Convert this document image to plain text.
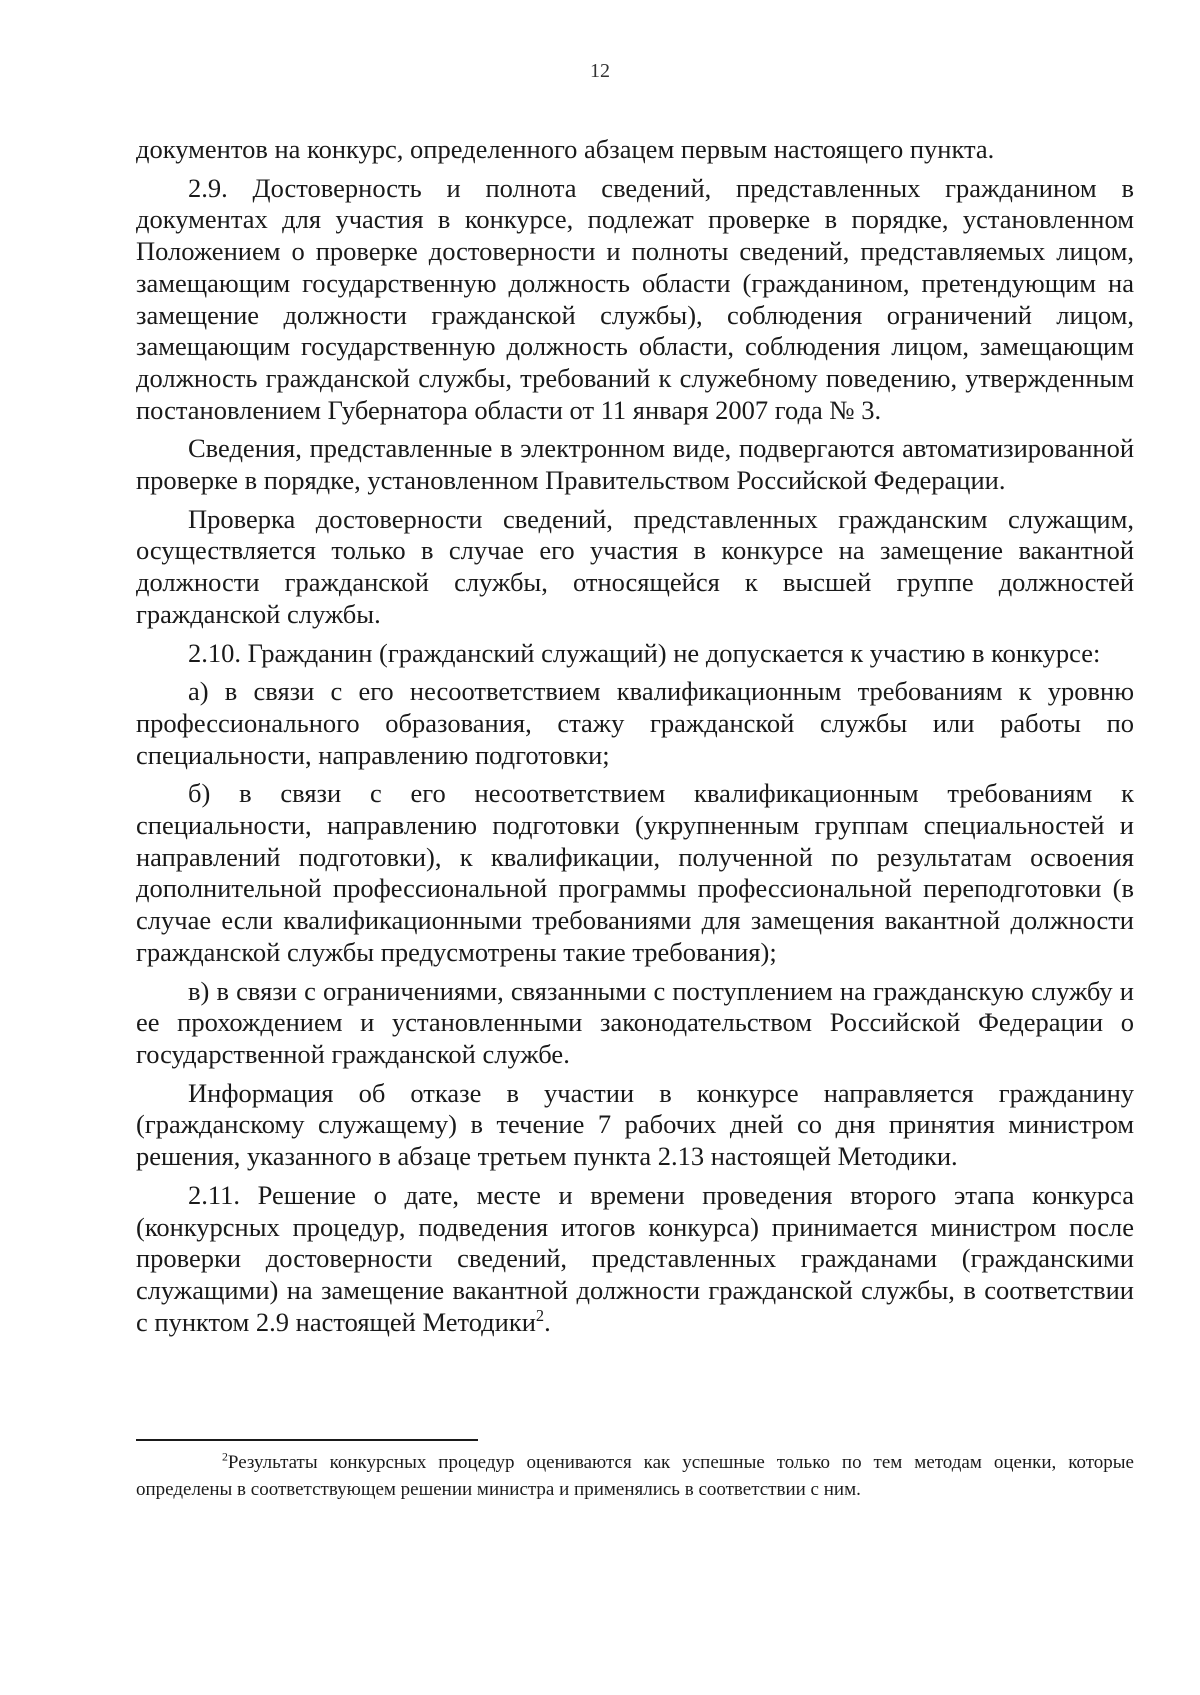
12

документов на конкурс, определенного абзацем первым настоящего пункта.

2.9. Достоверность и полнота сведений, представленных гражданином в документах для участия в конкурсе, подлежат проверке в порядке, установленном Положением о проверке достоверности и полноты сведений, представляемых лицом, замещающим государственную должность области (гражданином, претендующим на замещение должности гражданской службы), соблюдения ограничений лицом, замещающим государственную должность области, соблюдения лицом, замещающим должность гражданской службы, требований к служебному поведению, утвержденным постановлением Губернатора области от 11 января 2007 года № 3.

Сведения, представленные в электронном виде, подвергаются автоматизированной проверке в порядке, установленном Правительством Российской Федерации.

Проверка достоверности сведений, представленных гражданским служащим, осуществляется только в случае его участия в конкурсе на замещение вакантной должности гражданской службы, относящейся к высшей группе должностей гражданской службы.

2.10. Гражданин (гражданский служащий) не допускается к участию в конкурсе:

а) в связи с его несоответствием квалификационным требованиям к уровню профессионального образования, стажу гражданской службы или работы по специальности, направлению подготовки;

б) в связи с его несоответствием квалификационным требованиям к специальности, направлению подготовки (укрупненным группам специальностей и направлений подготовки), к квалификации, полученной по результатам освоения дополнительной профессиональной программы профессиональной переподготовки (в случае если квалификационными требованиями для замещения вакантной должности гражданской службы предусмотрены такие требования);

в) в связи с ограничениями, связанными с поступлением на гражданскую службу и ее прохождением и установленными законодательством Российской Федерации о государственной гражданской службе.

Информация об отказе в участии в конкурсе направляется гражданину (гражданскому служащему) в течение 7 рабочих дней со дня принятия министром решения, указанного в абзаце третьем пункта 2.13 настоящей Методики.

2.11. Решение о дате, месте и времени проведения второго этапа конкурса (конкурсных процедур, подведения итогов конкурса) принимается министром после проверки достоверности сведений, представленных гражданами (гражданскими служащими) на замещение вакантной должности гражданской службы, в соответствии с пунктом 2.9 настоящей Методики$^2$.

$^2$Результаты конкурсных процедур оцениваются как успешные только по тем методам оценки, которые определены в соответствующем решении министра и применялись в соответствии с ним.
